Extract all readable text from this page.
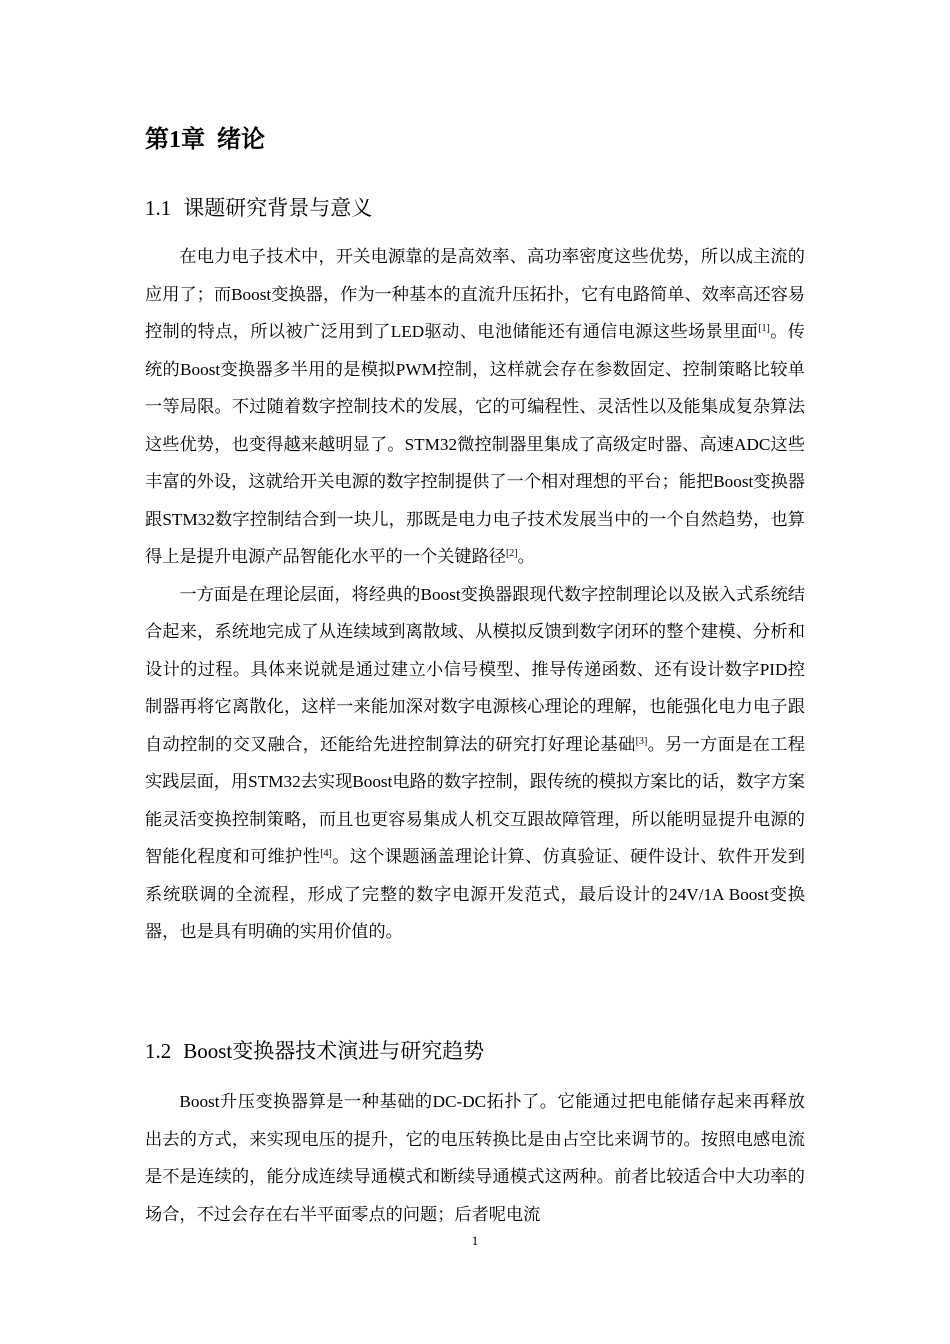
第1章 绪论
1.1 课题研究背景与意义

在电力电子技术中，开关电源靠的是高效率、高功率密度这些优势，所以成主流的应用了；而Boost变换器，作为一种基本的直流升压拓扑，它有电路简单、效率高还容易控制的特点，所以被广泛用到了LED驱动、电池储能还有通信电源这些场景里面[1]。传统的Boost变换器多半用的是模拟PWM控制，这样就会存在参数固定、控制策略比较单一等局限。不过随着数字控制技术的发展，它的可编程性、灵活性以及能集成复杂算法这些优势，也变得越来越明显了。STM32微控制器里集成了高级定时器、高速ADC这些丰富的外设，这就给开关电源的数字控制提供了一个相对理想的平台；能把Boost变换器跟STM32数字控制结合到一块儿，那既是电力电子技术发展当中的一个自然趋势，也算得上是提升电源产品智能化水平的一个关键路径[2]。

一方面是在理论层面，将经典的Boost变换器跟现代数字控制理论以及嵌入式系统结合起来，系统地完成了从连续域到离散域、从模拟反馈到数字闭环的整个建模、分析和设计的过程。具体来说就是通过建立小信号模型、推导传递函数、还有设计数字PID控制器再将它离散化，这样一来能加深对数字电源核心理论的理解，也能强化电力电子跟自动控制的交叉融合，还能给先进控制算法的研究打好理论基础[3]。另一方面是在工程实践层面，用STM32去实现Boost电路的数字控制，跟传统的模拟方案比的话，数字方案能灵活变换控制策略，而且也更容易集成人机交互跟故障管理，所以能明显提升电源的智能化程度和可维护性[4]。这个课题涵盖理论计算、仿真验证、硬件设计、软件开发到系统联调的全流程，形成了完整的数字电源开发范式，最后设计的24V/1A Boost变换器，也是具有明确的实用价值的。

1.2 Boost变换器技术演进与研究趋势

Boost升压变换器算是一种基础的DC-DC拓扑了。它能通过把电能储存起来再释放出去的方式，来实现电压的提升，它的电压转换比是由占空比来调节的。按照电感电流是不是连续的，能分成连续导通模式和断续导通模式这两种。前者比较适合中大功率的场合，不过会存在右半平面零点的问题；后者呢电流

1
